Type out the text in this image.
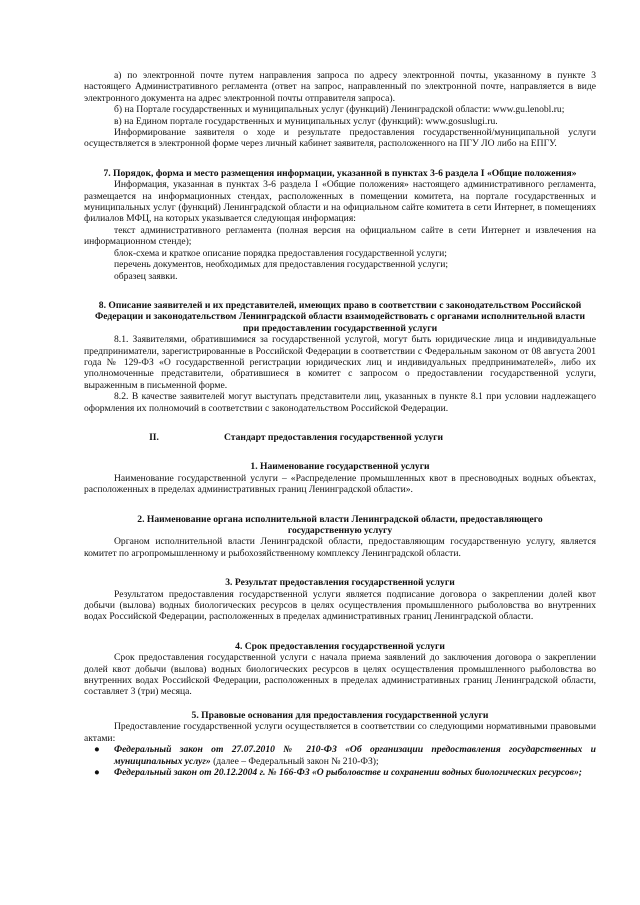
а) по электронной почте путем направления запроса по адресу электронной почты, указанному в пункте 3 настоящего Административного регламента (ответ на запрос, направленный по электронной почте, направляется в виде электронного документа на адрес электронной почты отправителя запроса).

б) на Портале государственных и муниципальных услуг (функций) Ленинградской области: www.gu.lenobl.ru;

в) на Едином портале государственных и муниципальных услуг (функций): www.gosuslugi.ru.

Информирование заявителя о ходе и результате предоставления государственной/муниципальной услуги осуществляется в электронной форме через личный кабинет заявителя, расположенного на ПГУ ЛО либо на ЕПГУ.

7. Порядок, форма и место размещения информации, указанной в пунктах 3-6 раздела I «Общие положения»

Информация, указанная в пунктах 3-6 раздела I «Общие положения» настоящего административного регламента, размещается на информационных стендах, расположенных в помещении комитета, на портале государственных и муниципальных услуг (функций) Ленинградской области и на официальном сайте комитета в сети Интернет, в помещениях филиалов МФЦ, на которых указывается следующая информация:

текст административного регламента (полная версия на официальном сайте в сети Интернет и извлечения на информационном стенде);

блок-схема и краткое описание порядка предоставления государственной услуги;

перечень документов, необходимых для предоставления государственной услуги;

образец заявки.

8. Описание заявителей и их представителей, имеющих право в соответствии с законодательством Российской Федерации и законодательством Ленинградской области взаимодействовать с органами исполнительной власти при предоставлении государственной услуги

8.1. Заявителями, обратившимися за государственной услугой, могут быть юридические лица и индивидуальные предприниматели, зарегистрированные в Российской Федерации в соответствии с Федеральным законом от 08 августа 2001 года № 129-ФЗ «О государственной регистрации юридических лиц и индивидуальных предпринимателей», либо их уполномоченные представители, обратившиеся в комитет с запросом о предоставлении государственной услуги, выраженным в письменной форме.

8.2. В качестве заявителей могут выступать представители лиц, указанных в пункте 8.1 при условии надлежащего оформления их полномочий в соответствии с законодательством Российской Федерации.

II.	Стандарт предоставления государственной услуги

1. Наименование государственной услуги

Наименование государственной услуги – «Распределение промышленных квот в пресноводных водных объектах, расположенных в пределах административных границ Ленинградской области».

2. Наименование органа исполнительной власти Ленинградской области, предоставляющего государственную услугу

Органом исполнительной власти Ленинградской области, предоставляющим государственную услугу, является комитет по агропромышленному и рыбохозяйственному комплексу Ленинградской области.

3. Результат предоставления государственной услуги

Результатом предоставления государственной услуги является подписание договора о закреплении долей квот добычи (вылова) водных биологических ресурсов в целях осуществления промышленного рыболовства во внутренних водах Российской Федерации, расположенных в пределах административных границ Ленинградской области.

4. Срок предоставления государственной услуги

Срок предоставления государственной услуги с начала приема заявлений до заключения договора о закреплении долей квот добычи (вылова) водных биологических ресурсов в целях осуществления промышленного рыболовства во внутренних водах Российской Федерации, расположенных в пределах административных границ Ленинградской области, составляет 3 (три) месяца.

5. Правовые основания для предоставления государственной услуги

Предоставление государственной услуги осуществляется в соответствии со следующими нормативными правовыми актами:

● Федеральный закон от 27.07.2010 № 210-ФЗ «Об организации предоставления государственных и муниципальных услуг» (далее – Федеральный закон № 210-ФЗ);
● Федеральный закон от 20.12.2004 г. № 166-ФЗ «О рыболовстве и сохранении водных биологических ресурсов»;
